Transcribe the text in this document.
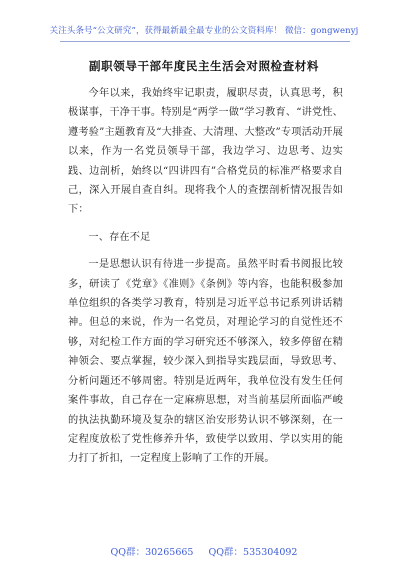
关注头条号“公文研究”，获得最新最全最专业的公文资料库！ 微信：gongwenyj
副职领导干部年度民主生活会对照检查材料

今年以来，我始终牢记职责，履职尽责，认真思考，积极谋事，干净干事。特别是“两学一做”学习教育、“讲党性、遵考验”主题教育及“大排查、大清理、大整改”专项活动开展以来，作为一名党员领导干部，我边学习、边思考、边实践、边剖析，始终以“四讲四有”合格党员的标准严格要求自己，深入开展自查自纠。现将我个人的查摆剖析情况报告如下：

一、存在不足

一是思想认识有待进一步提高。虽然平时看书阅报比较多，研读了《党章》《准则》《条例》等内容，也能积极参加单位组织的各类学习教育，特别是习近平总书记系列讲话精神。但总的来说，作为一名党员，对理论学习的自觉性还不够，对纪检工作方面的学习研究还不够深入，较多停留在精神领会、要点掌握，较少深入到指导实践层面，导致思考、分析问题还不够周密。特别是近两年，我单位没有发生任何案件事故，自己存在一定麻痹思想，对当前基层所面临严峻的执法执勤环境及复杂的辖区治安形势认识不够深刻，在一定程度放松了党性修养升华，致使学以致用、学以实用的能力打了折扣，一定程度上影响了工作的开展。

QQ群：30265665 QQ群：535304092
